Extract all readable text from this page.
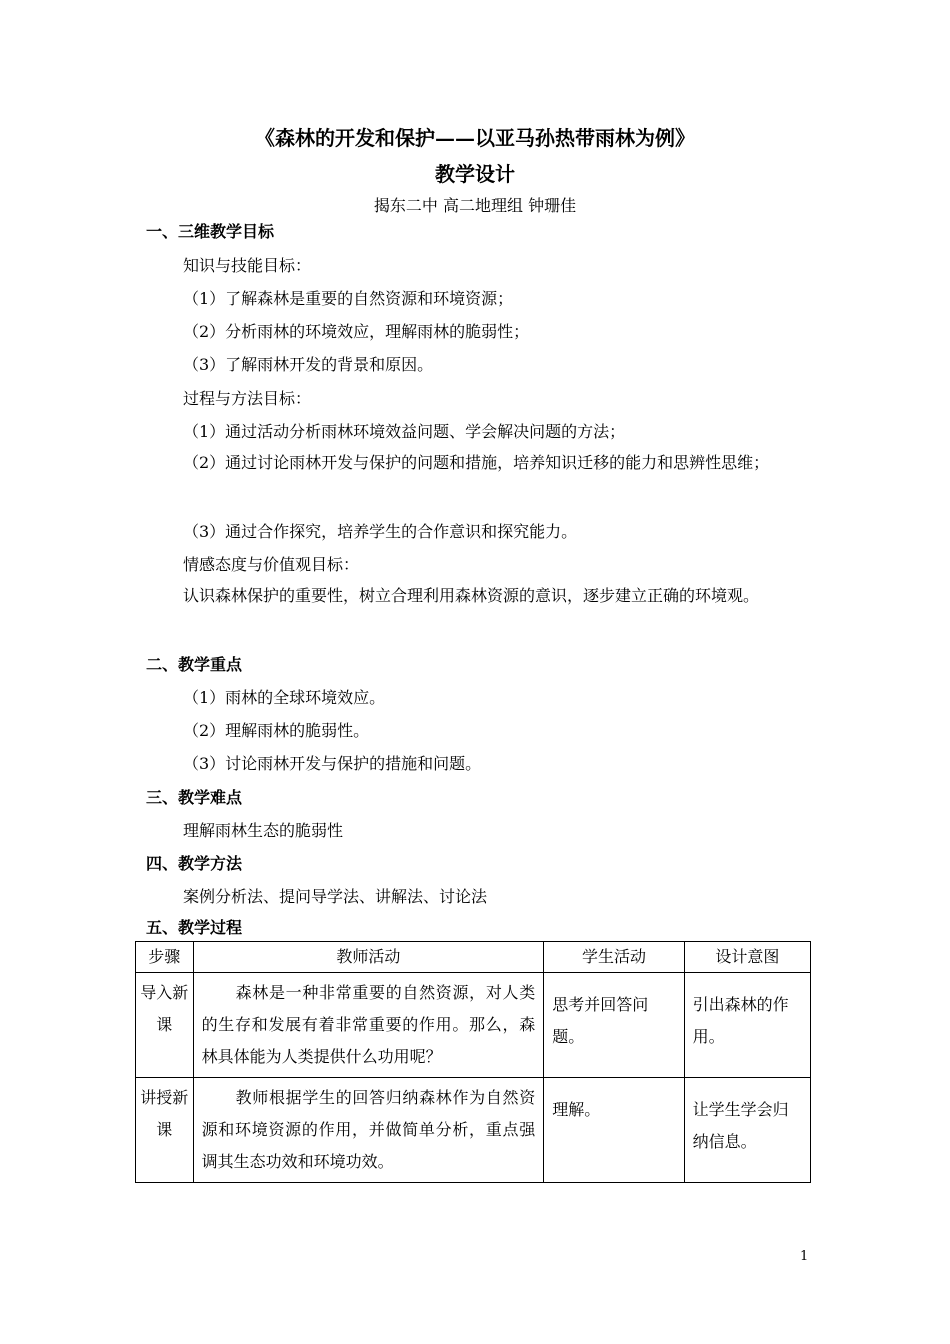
《森林的开发和保护——以亚马孙热带雨林为例》
教学设计
揭东二中 高二地理组 钟珊佳
一、三维教学目标
知识与技能目标：
（1）了解森林是重要的自然资源和环境资源；
（2）分析雨林的环境效应，理解雨林的脆弱性；
（3）了解雨林开发的背景和原因。
过程与方法目标：
（1）通过活动分析雨林环境效益问题、学会解决问题的方法；
（2）通过讨论雨林开发与保护的问题和措施，培养知识迁移的能力和思辨性思维；
（3）通过合作探究，培养学生的合作意识和探究能力。
情感态度与价值观目标：
认识森林保护的重要性，树立合理利用森林资源的意识，逐步建立正确的环境观。
二、教学重点
（1）雨林的全球环境效应。
（2）理解雨林的脆弱性。
（3）讨论雨林开发与保护的措施和问题。
三、教学难点
理解雨林生态的脆弱性
四、教学方法
案例分析法、提问导学法、讲解法、讨论法
五、教学过程
步骤	教师活动	学生活动	设计意图
导入新课	森林是一种非常重要的自然资源，对人类的生存和发展有着非常重要的作用。那么，森林具体能为人类提供什么功用呢？	思考并回答问题。	引出森林的作用。
讲授新课	教师根据学生的回答归纳森林作为自然资源和环境资源的作用，并做简单分析，重点强调其生态功效和环境功效。	理解。	让学生学会归纳信息。
1
